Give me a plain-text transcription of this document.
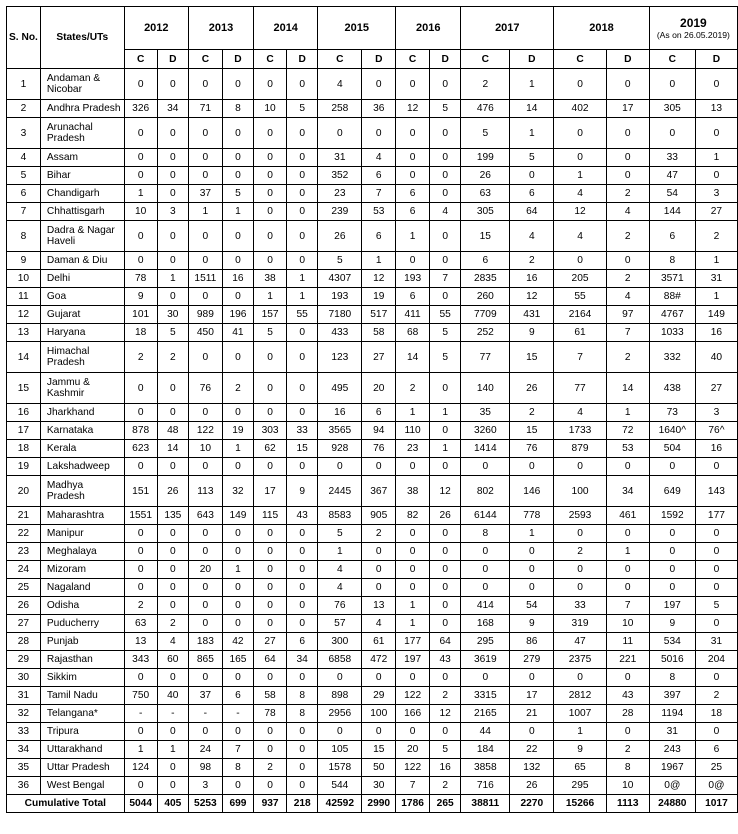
S. No.	States/UTs	2012		2013		2014		2015		2016		2017		2018		2019
(As on 26.05.2019)	

		C	D	C	D	C	D	C	D	C	D	C	D	C	D	C	D
1	Andaman & Nicobar	0	0	0	0	0	0	4	0	0	0	2	1	0	0	0	0
2	Andhra Pradesh	326	34	71	8	10	5	258	36	12	5	476	14	402	17	305	13
3	Arunachal Pradesh	0	0	0	0	0	0	0	0	0	0	5	1	0	0	0	0
4	Assam	0	0	0	0	0	0	31	4	0	0	199	5	0	0	33	1
5	Bihar	0	0	0	0	0	0	352	6	0	0	26	0	1	0	47	0
6	Chandigarh	1	0	37	5	0	0	23	7	6	0	63	6	4	2	54	3
7	Chhattisgarh	10	3	1	1	0	0	239	53	6	4	305	64	12	4	144	27
8	Dadra & Nagar Haveli	0	0	0	0	0	0	26	6	1	0	15	4	4	2	6	2
9	Daman & Diu	0	0	0	0	0	0	5	1	0	0	6	2	0	0	8	1
10	Delhi	78	1	1511	16	38	1	4307	12	193	7	2835	16	205	2	3571	31
11	Goa	9	0	0	0	1	1	193	19	6	0	260	12	55	4	88#	1
12	Gujarat	101	30	989	196	157	55	7180	517	411	55	7709	431	2164	97	4767	149
13	Haryana	18	5	450	41	5	0	433	58	68	5	252	9	61	7	1033	16
14	Himachal Pradesh	2	2	0	0	0	0	123	27	14	5	77	15	7	2	332	40
15	Jammu & Kashmir	0	0	76	2	0	0	495	20	2	0	140	26	77	14	438	27
16	Jharkhand	0	0	0	0	0	0	16	6	1	1	35	2	4	1	73	3
17	Karnataka	878	48	122	19	303	33	3565	94	110	0	3260	15	1733	72	1640^	76^
18	Kerala	623	14	10	1	62	15	928	76	23	1	1414	76	879	53	504	16
19	Lakshadweep	0	0	0	0	0	0	0	0	0	0	0	0	0	0	0	0
20	Madhya Pradesh	151	26	113	32	17	9	2445	367	38	12	802	146	100	34	649	143
21	Maharashtra	1551	135	643	149	115	43	8583	905	82	26	6144	778	2593	461	1592	177
22	Manipur	0	0	0	0	0	0	5	2	0	0	8	1	0	0	0	0
23	Meghalaya	0	0	0	0	0	0	1	0	0	0	0	0	2	1	0	0
24	Mizoram	0	0	20	1	0	0	4	0	0	0	0	0	0	0	0	0
25	Nagaland	0	0	0	0	0	0	4	0	0	0	0	0	0	0	0	0
26	Odisha	2	0	0	0	0	0	76	13	1	0	414	54	33	7	197	5
27	Puducherry	63	2	0	0	0	0	57	4	1	0	168	9	319	10	9	0
28	Punjab	13	4	183	42	27	6	300	61	177	64	295	86	47	11	534	31
29	Rajasthan	343	60	865	165	64	34	6858	472	197	43	3619	279	2375	221	5016	204
30	Sikkim	0	0	0	0	0	0	0	0	0	0	0	0	0	0	8	0
31	Tamil Nadu	750	40	37	6	58	8	898	29	122	2	3315	17	2812	43	397	2
32	Telangana*	-	-	-	-	78	8	2956	100	166	12	2165	21	1007	28	1194	18
33	Tripura	0	0	0	0	0	0	0	0	0	0	44	0	1	0	31	0
34	Uttarakhand	1	1	24	7	0	0	105	15	20	5	184	22	9	2	243	6
35	Uttar Pradesh	124	0	98	8	2	0	1578	50	122	16	3858	132	65	8	1967	25
36	West Bengal	0	0	3	0	0	0	544	30	7	2	716	26	295	10	0@	0@
Cumulative Total		5044	405	5253	699	937	218	42592	2990	1786	265	38811	2270	15266	1113	24880	1017
